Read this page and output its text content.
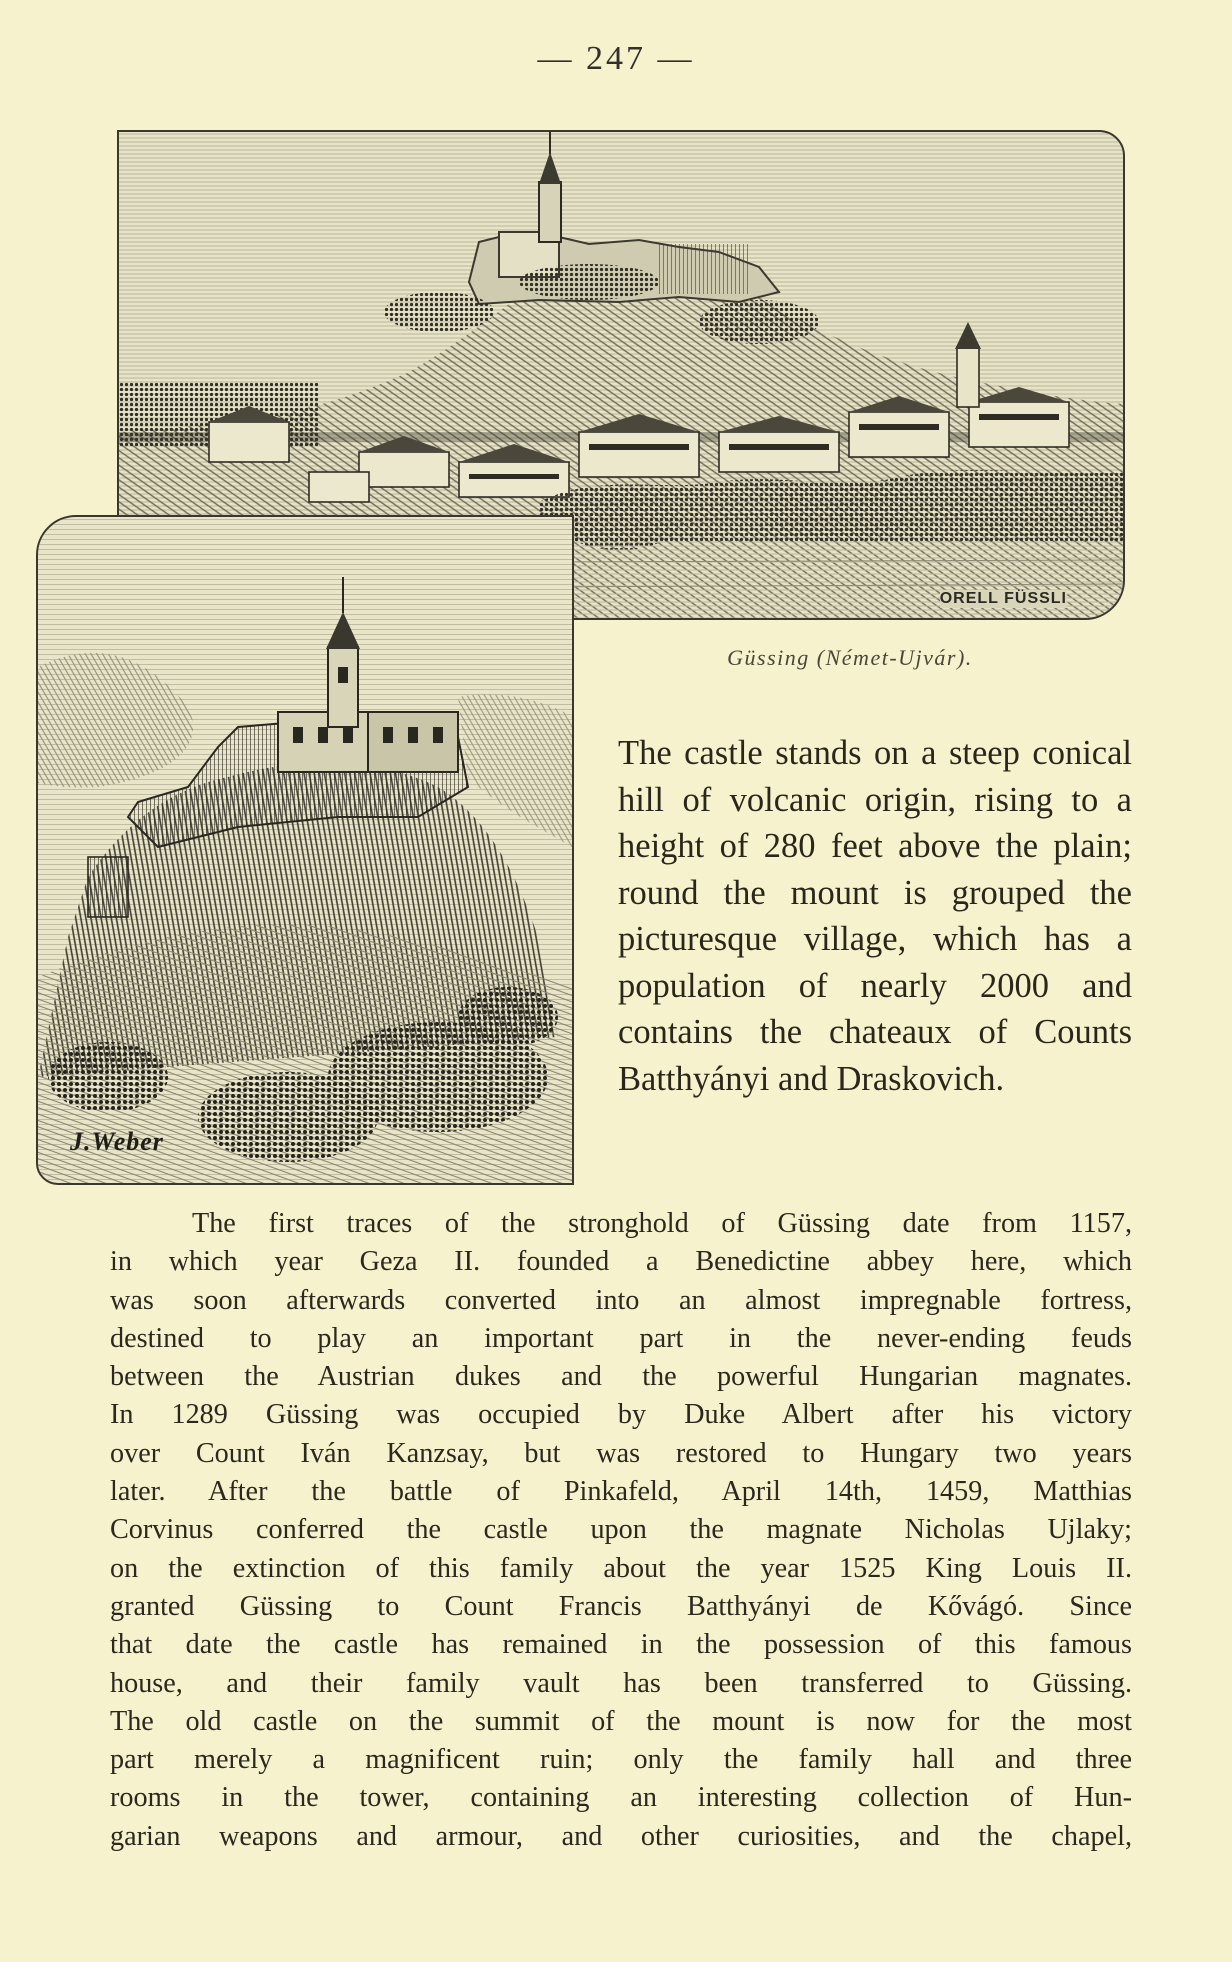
— 247 —
ORELL FÜSSLI
J.Weber
Güssing (Német-Ujvár).
The castle stands on a steep conical hill of volcanic origin, rising to a height of 280 feet above the plain; round the mount is grouped the picturesque village, which has a population of nearly 2000 and contains the chateaux of Counts Batthyányi and Draskovich.
The first traces of the stronghold of Güssing date from 1157,
in which year Geza II. founded a Benedictine abbey here, which
was soon afterwards converted into an almost impregnable fortress,
destined to play an important part in the never-ending feuds
between the Austrian dukes and the powerful Hungarian magnates.
In 1289 Güssing was occupied by Duke Albert after his victory
over Count Iván Kanzsay, but was restored to Hungary two years
later. After the battle of Pinkafeld, April 14th, 1459, Matthias
Corvinus conferred the castle upon the magnate Nicholas Ujlaky;
on the extinction of this family about the year 1525 King Louis II.
granted Güssing to Count Francis Batthyányi de Kővágó. Since
that date the castle has remained in the possession of this famous
house, and their family vault has been transferred to Güssing.
The old castle on the summit of the mount is now for the most
part merely a magnificent ruin; only the family hall and three
rooms in the tower, containing an interesting collection of Hun-
garian weapons and armour, and other curiosities, and the chapel,
